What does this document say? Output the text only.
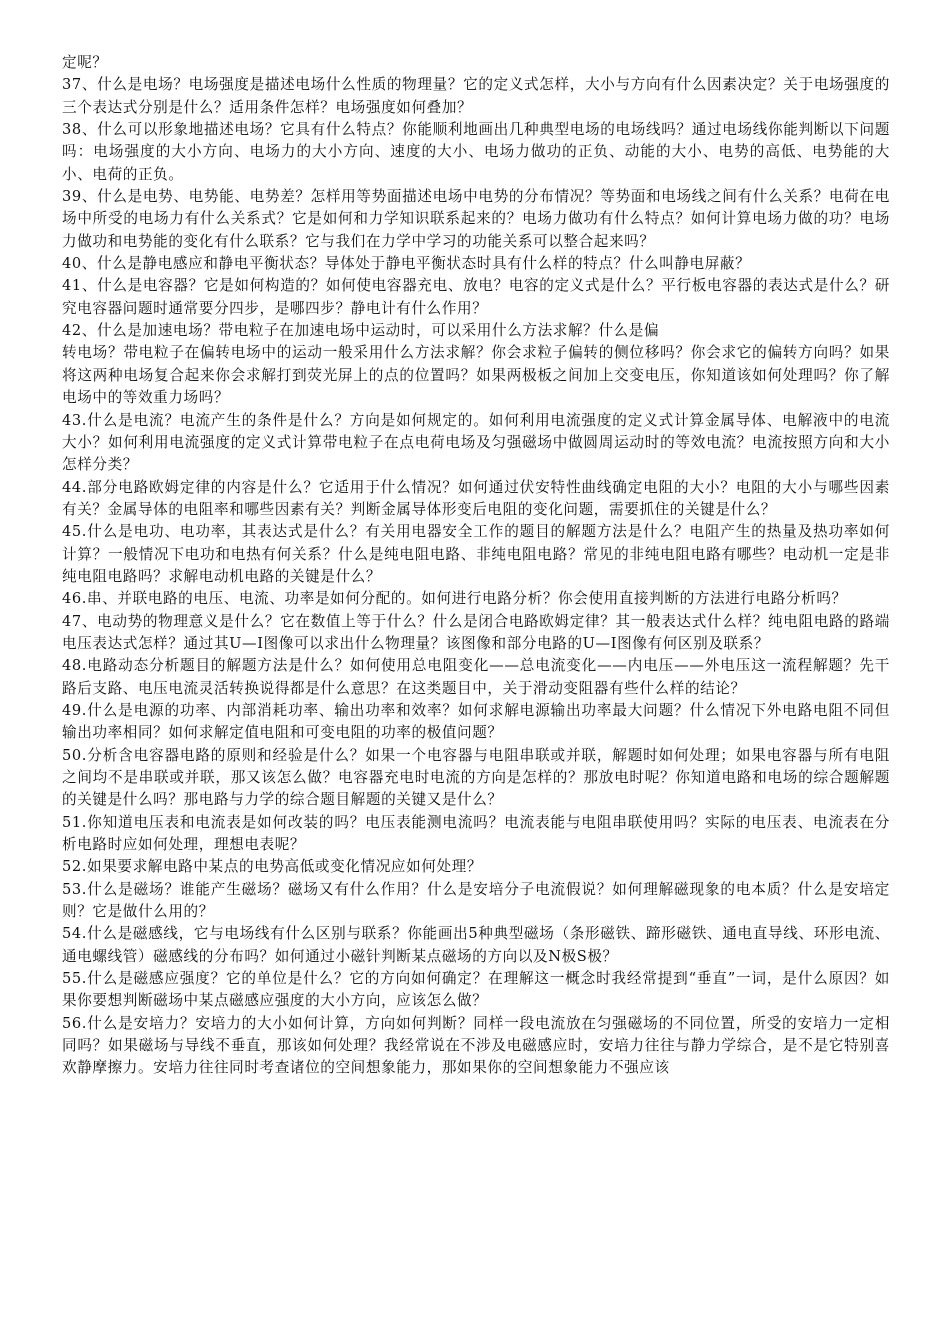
定呢？

37、什么是电场？电场强度是描述电场什么性质的物理量？它的定义式怎样，大小与方向有什么因素决定？关于电场强度的三个表达式分别是什么？适用条件怎样？电场强度如何叠加？

38、什么可以形象地描述电场？它具有什么特点？你能顺利地画出几种典型电场的电场线吗？通过电场线你能判断以下问题吗：电场强度的大小方向、电场力的大小方向、速度的大小、电场力做功的正负、动能的大小、电势的高低、电势能的大小、电荷的正负。

39、什么是电势、电势能、电势差？怎样用等势面描述电场中电势的分布情况？等势面和电场线之间有什么关系？电荷在电场中所受的电场力有什么关系式？它是如何和力学知识联系起来的？电场力做功有什么特点？如何计算电场力做的功？电场力做功和电势能的变化有什么联系？它与我们在力学中学习的功能关系可以整合起来吗？

40、什么是静电感应和静电平衡状态？导体处于静电平衡状态时具有什么样的特点？什么叫静电屏蔽？

41、什么是电容器？它是如何构造的？如何使电容器充电、放电？电容的定义式是什么？平行板电容器的表达式是什么？研究电容器问题时通常要分四步，是哪四步？静电计有什么作用？

42、什么是加速电场？带电粒子在加速电场中运动时，可以采用什么方法求解？什么是偏

转电场？带电粒子在偏转电场中的运动一般采用什么方法求解？你会求粒子偏转的侧位移吗？你会求它的偏转方向吗？如果将这两种电场复合起来你会求解打到荧光屏上的点的位置吗？如果两极板之间加上交变电压，你知道该如何处理吗？你了解电场中的等效重力场吗？

43.什么是电流？电流产生的条件是什么？方向是如何规定的。如何利用电流强度的定义式计算金属导体、电解液中的电流大小？如何利用电流强度的定义式计算带电粒子在点电荷电场及匀强磁场中做圆周运动时的等效电流？电流按照方向和大小怎样分类？

44.部分电路欧姆定律的内容是什么？它适用于什么情况？如何通过伏安特性曲线确定电阻的大小？电阻的大小与哪些因素有关？金属导体的电阻率和哪些因素有关？判断金属导体形变后电阻的变化问题，需要抓住的关键是什么？

45.什么是电功、电功率，其表达式是什么？有关用电器安全工作的题目的解题方法是什么？电阻产生的热量及热功率如何计算？一般情况下电功和电热有何关系？什么是纯电阻电路、非纯电阻电路？常见的非纯电阻电路有哪些？电动机一定是非纯电阻电路吗？求解电动机电路的关键是什么？

46.串、并联电路的电压、电流、功率是如何分配的。如何进行电路分析？你会使用直接判断的方法进行电路分析吗？

47、电动势的物理意义是什么？它在数值上等于什么？什么是闭合电路欧姆定律？其一般表达式什么样？纯电阻电路的路端电压表达式怎样？通过其U—I图像可以求出什么物理量？该图像和部分电路的U—I图像有何区别及联系？

48.电路动态分析题目的解题方法是什么？如何使用总电阻变化——总电流变化——内电压——外电压这一流程解题？先干路后支路、电压电流灵活转换说得都是什么意思？在这类题目中，关于滑动变阻器有些什么样的结论？

49.什么是电源的功率、内部消耗功率、输出功率和效率？如何求解电源输出功率最大问题？什么情况下外电路电阻不同但输出功率相同？如何求解定值电阻和可变电阻的功率的极值问题？

50.分析含电容器电路的原则和经验是什么？如果一个电容器与电阻串联或并联，解题时如何处理；如果电容器与所有电阻之间均不是串联或并联，那又该怎么做？电容器充电时电流的方向是怎样的？那放电时呢？你知道电路和电场的综合题解题的关键是什么吗？那电路与力学的综合题目解题的关键又是什么？

51.你知道电压表和电流表是如何改装的吗？电压表能测电流吗？电流表能与电阻串联使用吗？实际的电压表、电流表在分析电路时应如何处理，理想电表呢？

52.如果要求解电路中某点的电势高低或变化情况应如何处理？

53.什么是磁场？谁能产生磁场？磁场又有什么作用？什么是安培分子电流假说？如何理解磁现象的电本质？什么是安培定则？它是做什么用的？

54.什么是磁感线，它与电场线有什么区别与联系？你能画出5种典型磁场（条形磁铁、蹄形磁铁、通电直导线、环形电流、通电螺线管）磁感线的分布吗？如何通过小磁针判断某点磁场的方向以及N极S极？

55.什么是磁感应强度？它的单位是什么？它的方向如何确定？在理解这一概念时我经常提到“垂直”一词，是什么原因？如果你要想判断磁场中某点磁感应强度的大小方向，应该怎么做？

56.什么是安培力？安培力的大小如何计算，方向如何判断？同样一段电流放在匀强磁场的不同位置，所受的安培力一定相同吗？如果磁场与导线不垂直，那该如何处理？我经常说在不涉及电磁感应时，安培力往往与静力学综合，是不是它特别喜欢静摩擦力。安培力往往同时考查诸位的空间想象能力，那如果你的空间想象能力不强应该
